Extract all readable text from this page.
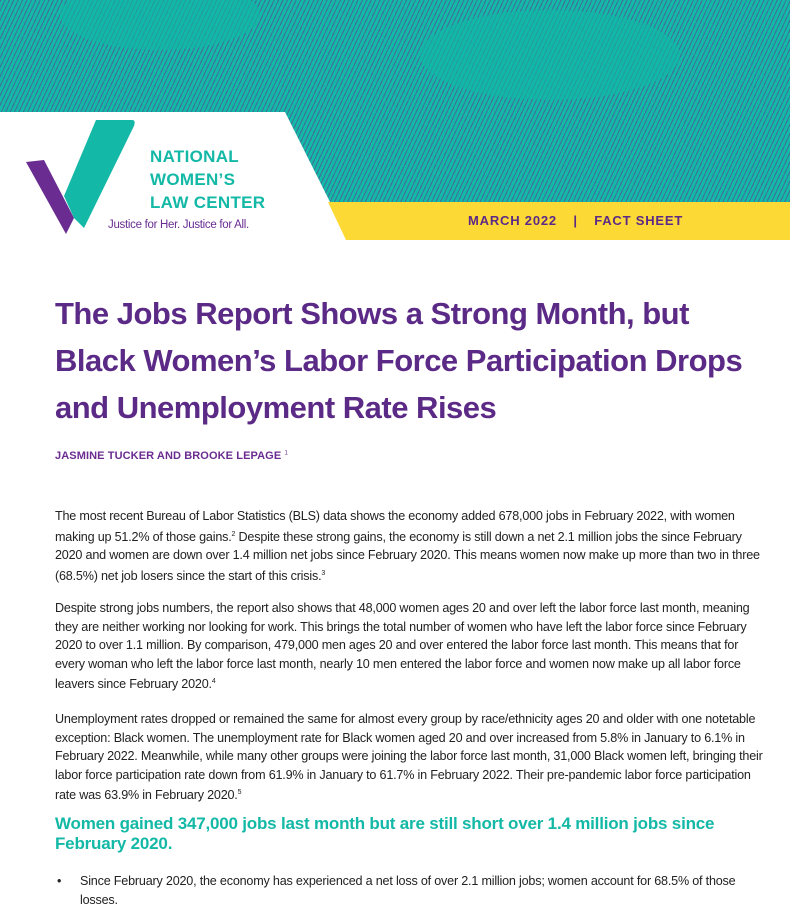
MARCH 2022 | FACT SHEET
NATIONAL
WOMEN’S
LAW CENTER
Justice for Her. Justice for All.
The Jobs Report Shows a Strong Month, but Black Women’s Labor Force Participation Drops and Unemployment Rate Rises
JASMINE TUCKER AND BROOKE LEPAGE $^1$

The most recent Bureau of Labor Statistics (BLS) data shows the economy added 678,000 jobs in February 2022, with women making up 51.2% of those gains.$^2$ Despite these strong gains, the economy is still down a net 2.1 million jobs the since February 2020 and women are down over 1.4 million net jobs since February 2020. This means women now make up more than two in three (68.5%) net job losers since the start of this crisis.$^3$

Despite strong jobs numbers, the report also shows that 48,000 women ages 20 and over left the labor force last month, meaning they are neither working nor looking for work. This brings the total number of women who have left the labor force since February 2020 to over 1.1 million. By comparison, 479,000 men ages 20 and over entered the labor force last month. This means that for every woman who left the labor force last month, nearly 10 men entered the labor force and women now make up all labor force leavers since February 2020.$^4$

Unemployment rates dropped or remained the same for almost every group by race/ethnicity ages 20 and older with one notetable exception: Black women. The unemployment rate for Black women aged 20 and over increased from 5.8% in January to 6.1% in February 2022. Meanwhile, while many other groups were joining the labor force last month, 31,000 Black women left, bringing their labor force participation rate down from 61.9% in January to 61.7% in February 2022. Their pre-pandemic labor force participation rate was 63.9% in February 2020.$^5$

Women gained 347,000 jobs last month but are still short over 1.4 million jobs since February 2020.
• Since February 2020, the economy has experienced a net loss of over 2.1 million jobs; women account for 68.5% of those losses.
